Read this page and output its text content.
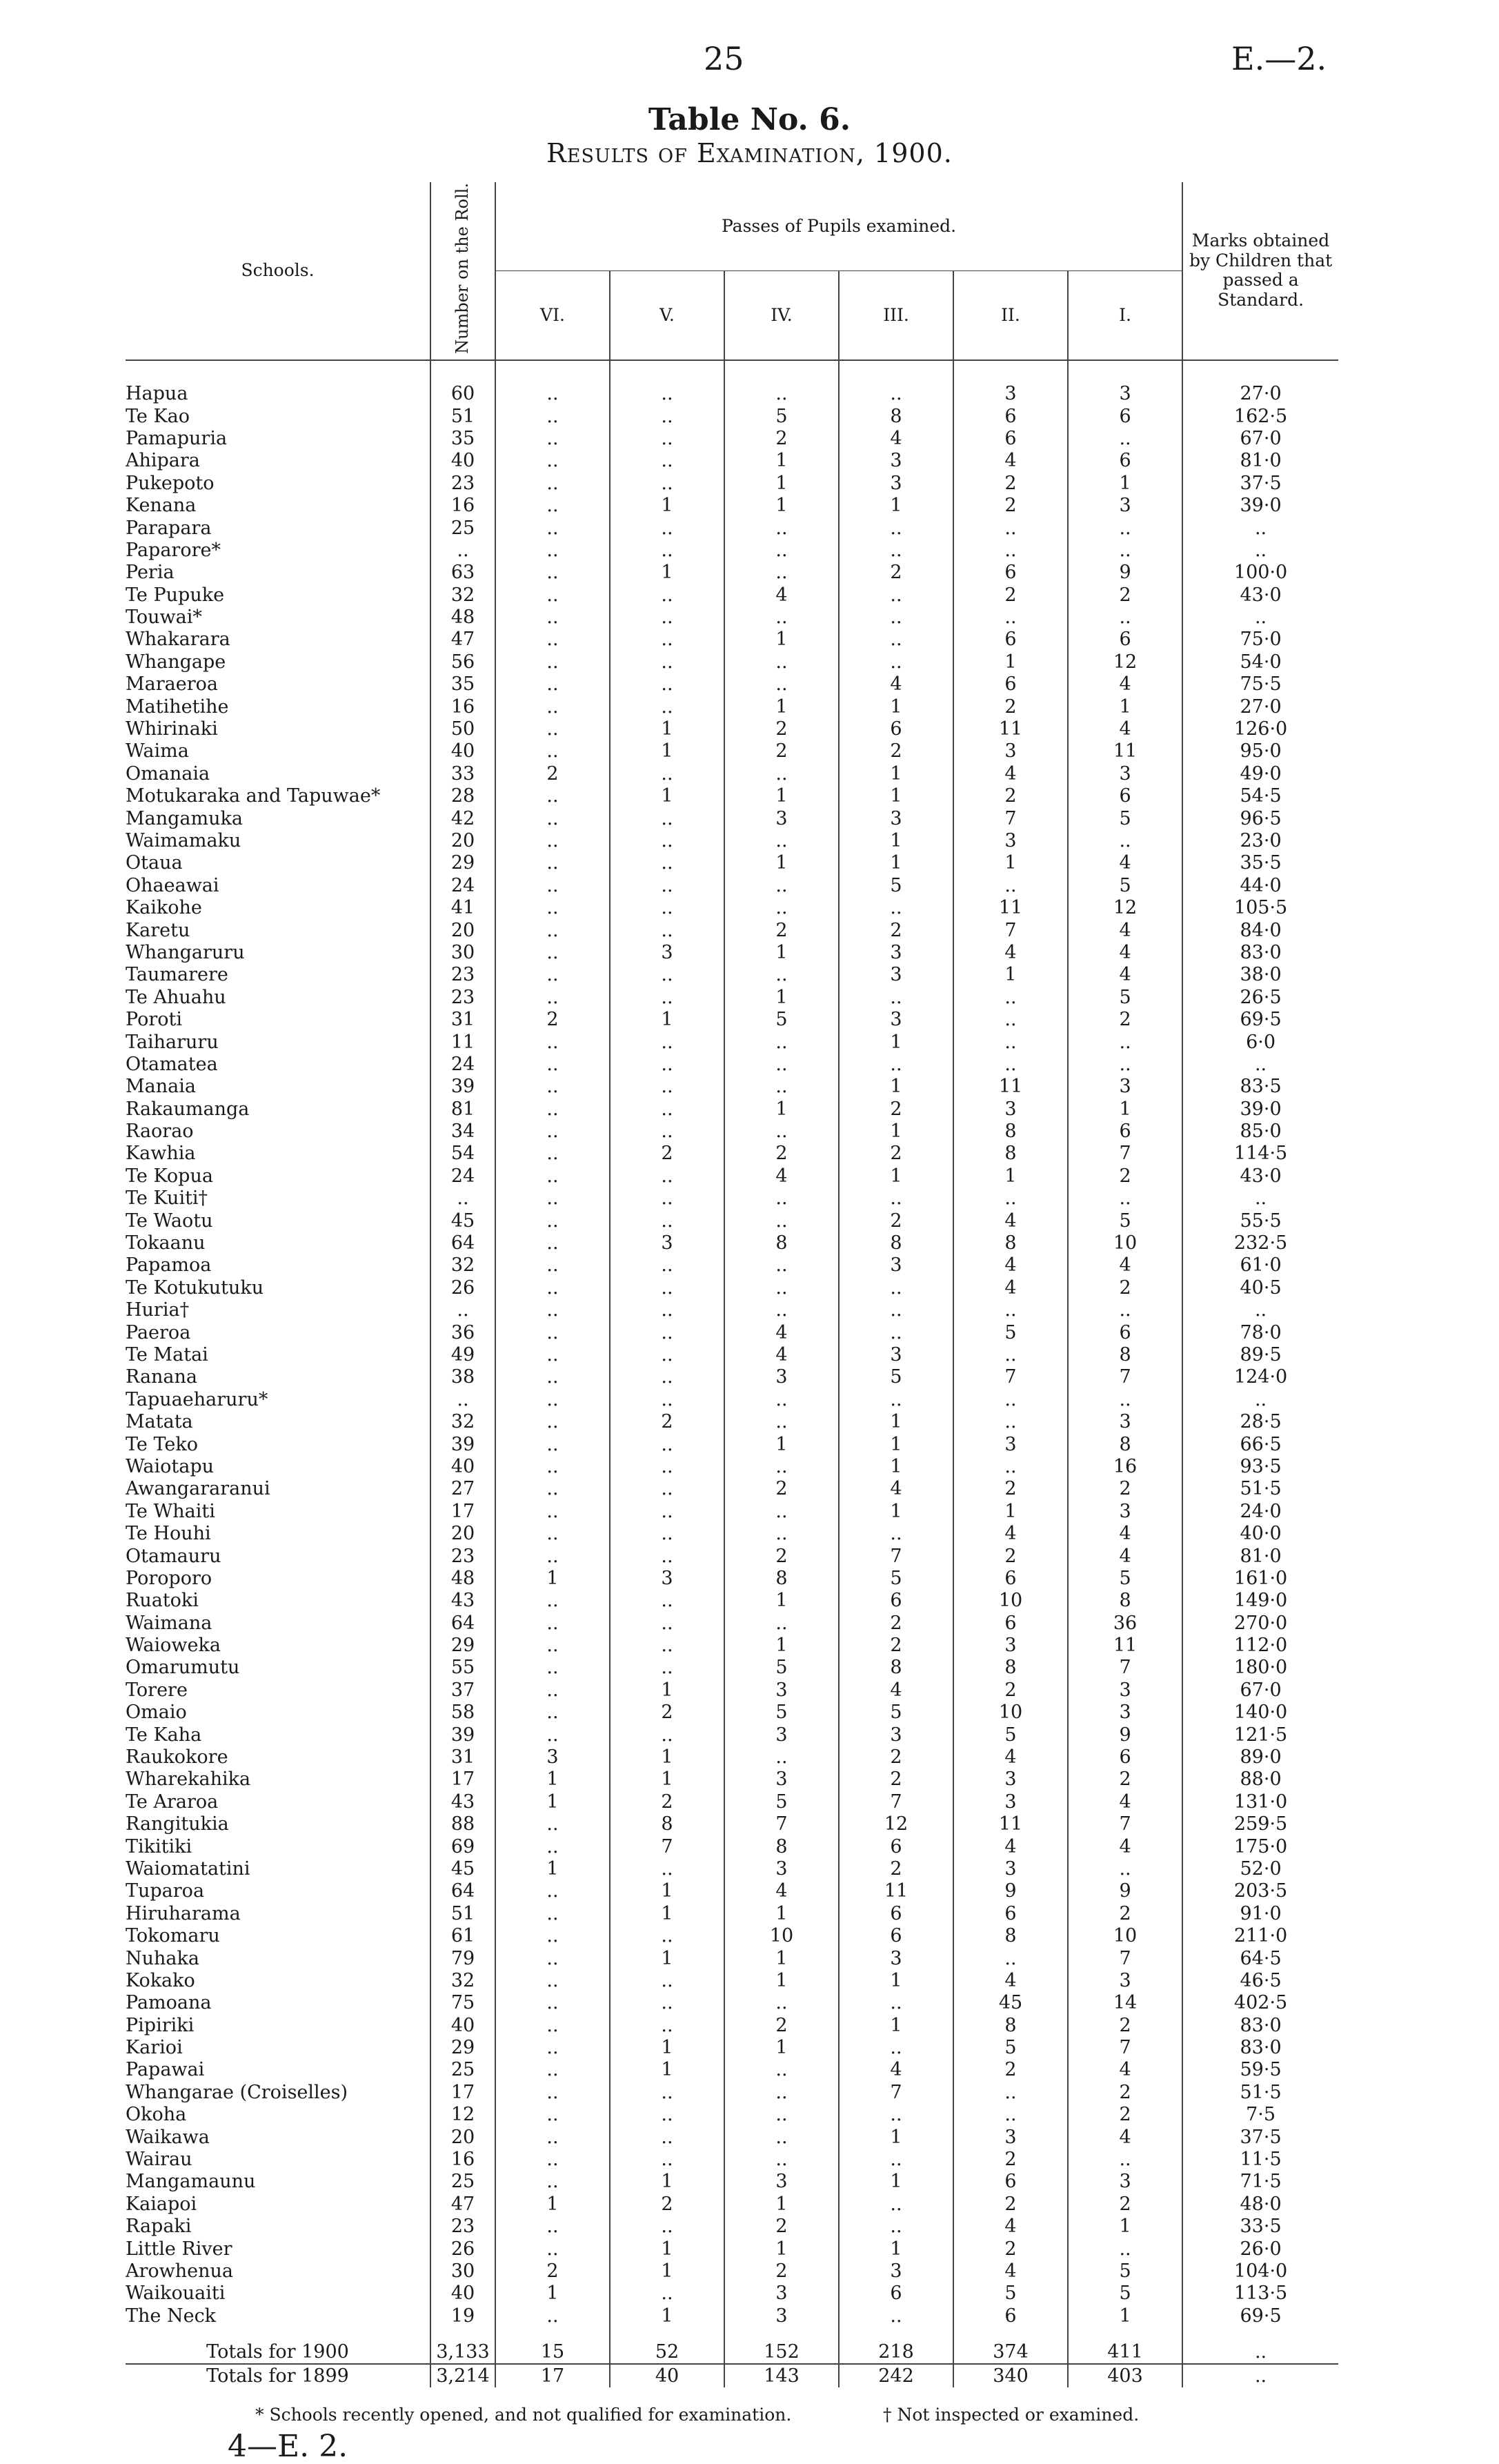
25	E.—2.
Table No. 6.
Results of Examination, 1900.
Schools.	Number on the Roll.	Passes of Pupils examined.						Marks obtained by Children that passed a Standard.
		VI.	V.	IV.	III.	II.	I.	

Hapua	60	..	..	..	..	3	3	27·0
Te Kao	51	..	..	5	8	6	6	162·5
Pamapuria	35	..	..	2	4	6	..	67·0
Ahipara	40	..	..	1	3	4	6	81·0
Pukepoto	23	..	..	1	3	2	1	37·5
Kenana	16	..	1	1	1	2	3	39·0
Parapara	25	..	..	..	..	..	..	..
Paparore*	..	..	..	..	..	..	..	..
Peria	63	..	1	..	2	6	9	100·0
Te Pupuke	32	..	..	4	..	2	2	43·0
Touwai*	48	..	..	..	..	..	..	..
Whakarara	47	..	..	1	..	6	6	75·0
Whangape	56	..	..	..	..	1	12	54·0
Maraeroa	35	..	..	..	4	6	4	75·5
Matihetihe	16	..	..	1	1	2	1	27·0
Whirinaki	50	..	1	2	6	11	4	126·0
Waima	40	..	1	2	2	3	11	95·0
Omanaia	33	2	..	..	1	4	3	49·0
Motukaraka and Tapuwae*	28	..	1	1	1	2	6	54·5
Mangamuka	42	..	..	3	3	7	5	96·5
Waimamaku	20	..	..	..	1	3	..	23·0
Otaua	29	..	..	1	1	1	4	35·5
Ohaeawai	24	..	..	..	5	..	5	44·0
Kaikohe	41	..	..	..	..	11	12	105·5
Karetu	20	..	..	2	2	7	4	84·0
Whangaruru	30	..	3	1	3	4	4	83·0
Taumarere	23	..	..	..	3	1	4	38·0
Te Ahuahu	23	..	..	1	..	..	5	26·5
Poroti	31	2	1	5	3	..	2	69·5
Taiharuru	11	..	..	..	1	..	..	6·0
Otamatea	24	..	..	..	..	..	..	..
Manaia	39	..	..	..	1	11	3	83·5
Rakaumanga	81	..	..	1	2	3	1	39·0
Raorao	34	..	..	..	1	8	6	85·0
Kawhia	54	..	2	2	2	8	7	114·5
Te Kopua	24	..	..	4	1	1	2	43·0
Te Kuiti†	..	..	..	..	..	..	..	..
Te Waotu	45	..	..	..	2	4	5	55·5
Tokaanu	64	..	3	8	8	8	10	232·5
Papamoa	32	..	..	..	3	4	4	61·0
Te Kotukutuku	26	..	..	..	..	4	2	40·5
Huria†	..	..	..	..	..	..	..	..
Paeroa	36	..	..	4	..	5	6	78·0
Te Matai	49	..	..	4	3	..	8	89·5
Ranana	38	..	..	3	5	7	7	124·0
Tapuaeharuru*	..	..	..	..	..	..	..	..
Matata	32	..	2	..	1	..	3	28·5
Te Teko	39	..	..	1	1	3	8	66·5
Waiotapu	40	..	..	..	1	..	16	93·5
Awangararanui	27	..	..	2	4	2	2	51·5
Te Whaiti	17	..	..	..	1	1	3	24·0
Te Houhi	20	..	..	..	..	4	4	40·0
Otamauru	23	..	..	2	7	2	4	81·0
Poroporo	48	1	3	8	5	6	5	161·0
Ruatoki	43	..	..	1	6	10	8	149·0
Waimana	64	..	..	..	2	6	36	270·0
Waioweka	29	..	..	1	2	3	11	112·0
Omarumutu	55	..	..	5	8	8	7	180·0
Torere	37	..	1	3	4	2	3	67·0
Omaio	58	..	2	5	5	10	3	140·0
Te Kaha	39	..	..	3	3	5	9	121·5
Raukokore	31	3	1	..	2	4	6	89·0
Wharekahika	17	1	1	3	2	3	2	88·0
Te Araroa	43	1	2	5	7	3	4	131·0
Rangitukia	88	..	8	7	12	11	7	259·5
Tikitiki	69	..	7	8	6	4	4	175·0
Waiomatatini	45	1	..	3	2	3	..	52·0
Tuparoa	64	..	1	4	11	9	9	203·5
Hiruharama	51	..	1	1	6	6	2	91·0
Tokomaru	61	..	..	10	6	8	10	211·0
Nuhaka	79	..	1	1	3	..	7	64·5
Kokako	32	..	..	1	1	4	3	46·5
Pamoana	75	..	..	..	..	45	14	402·5
Pipiriki	40	..	..	2	1	8	2	83·0
Karioi	29	..	1	1	..	5	7	83·0
Papawai	25	..	1	..	4	2	4	59·5
Whangarae (Croiselles)	17	..	..	..	7	..	2	51·5
Okoha	12	..	..	..	..	..	2	7·5
Waikawa	20	..	..	..	1	3	4	37·5
Wairau	16	..	..	..	..	2	..	11·5
Mangamaunu	25	..	1	3	1	6	3	71·5
Kaiapoi	47	1	2	1	..	2	2	48·0
Rapaki	23	..	..	2	..	4	1	33·5
Little River	26	..	1	1	1	2	..	26·0
Arowhenua	30	2	1	2	3	4	5	104·0
Waikouaiti	40	1	..	3	6	5	5	113·5
The Neck	19	..	1	3	..	6	1	69·5

Totals for 1900	3,133	15	52	152	218	374	411	..
Totals for 1899	3,214	17	40	143	242	340	403	..
* Schools recently opened, and not qualified for examination.	† Not inspected or examined.
4—E. 2.
